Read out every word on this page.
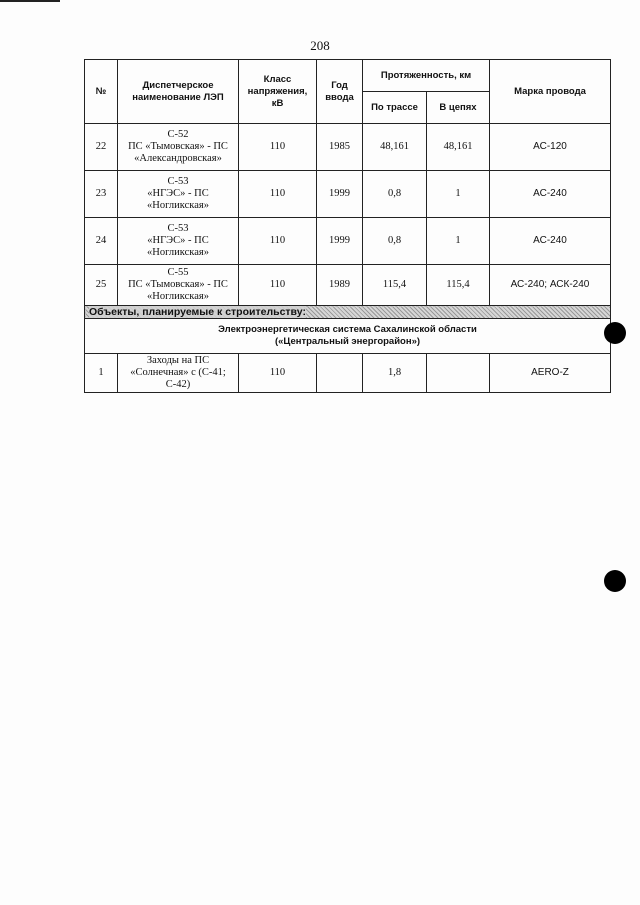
208
№	Диспетчерское наименование ЛЭП	Класс напряжения, кВ	Год ввода	Протяженность, км		Марка провода
				По трассе	В цепях	
22	С-52
ПС «Тымовская» - ПС
«Александровская»	110	1985	48,161	48,161	АС-120
23	С-53
«НГЭС» - ПС
«Ногликская»	110	1999	0,8	1	АС-240
24	С-53
«НГЭС» - ПС
«Ногликская»	110	1999	0,8	1	АС-240
25	С-55
ПС «Тымовская» - ПС
«Ногликская»	110	1989	115,4	115,4	АС-240; АСК-240
Объекты, планируемые к строительству:						

Электроэнергетическая система Сахалинской области
(«Центральный энергорайон»)						

1	Заходы на ПС
«Солнечная» с (С-41;
С-42)	110		1,8		AERO-Z
